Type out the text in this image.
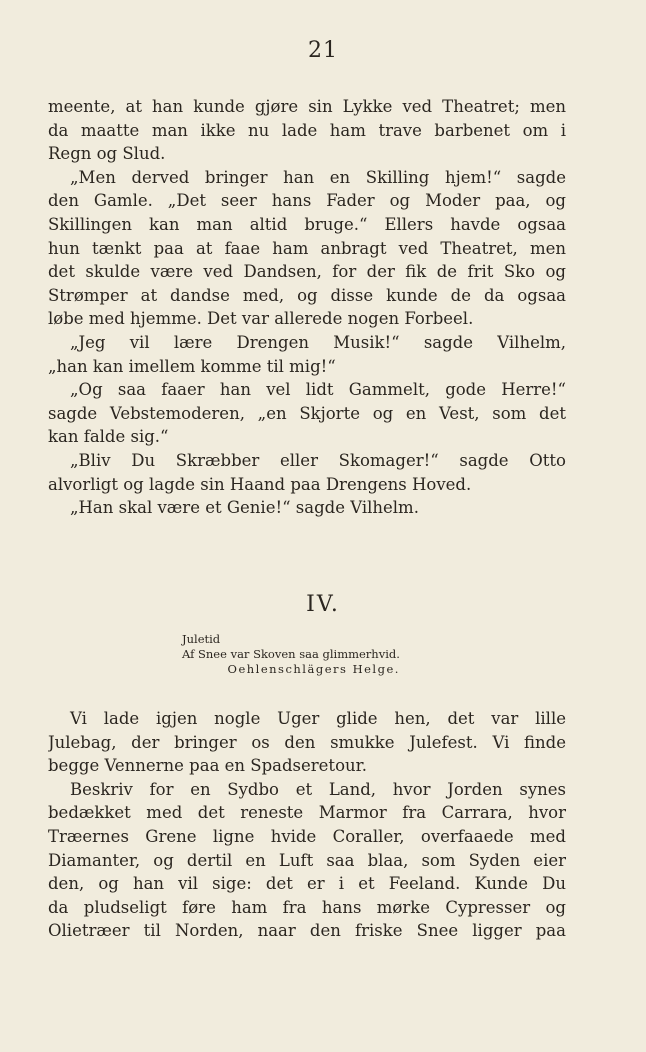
21
meente, at han kunde gjøre sin Lykke ved Theatret; men
da maatte man ikke nu lade ham trave barbenet om i
Regn og Slud.
„Men derved bringer han en Skilling hjem!“ sagde
den Gamle. „Det seer hans Fader og Moder paa, og
Skillingen kan man altid bruge.“ Ellers havde ogsaa
hun tænkt paa at faae ham anbragt ved Theatret, men
det skulde være ved Dandsen, for der fik de frit Sko og
Strømper at dandse med, og disse kunde de da ogsaa
løbe med hjemme. Det var allerede nogen Forbeel.
„Jeg vil lære Drengen Musik!“ sagde Vilhelm,
„han kan imellem komme til mig!“
„Og saa faaer han vel lidt Gammelt, gode Herre!“
sagde Vebstemoderen, „en Skjorte og en Vest, som det
kan falde sig.“
„Bliv Du Skræbber eller Skomager!“ sagde Otto
alvorligt og lagde sin Haand paa Drengens Hoved.
„Han skal være et Genie!“ sagde Vilhelm.
IV.
Juletid
Af Snee var Skoven saa glimmerhvid.
Oehlenschlägers Helge.
Vi lade igjen nogle Uger glide hen, det var lille
Julebag, der bringer os den smukke Julefest. Vi finde
begge Vennerne paa en Spadseretour.
Beskriv for en Sydbo et Land, hvor Jorden synes
bedækket med det reneste Marmor fra Carrara, hvor
Træernes Grene ligne hvide Coraller, overfaaede med
Diamanter, og dertil en Luft saa blaa, som Syden eier
den, og han vil sige: det er i et Feeland. Kunde Du
da pludseligt føre ham fra hans mørke Cypresser og
Olietræer til Norden, naar den friske Snee ligger paa
